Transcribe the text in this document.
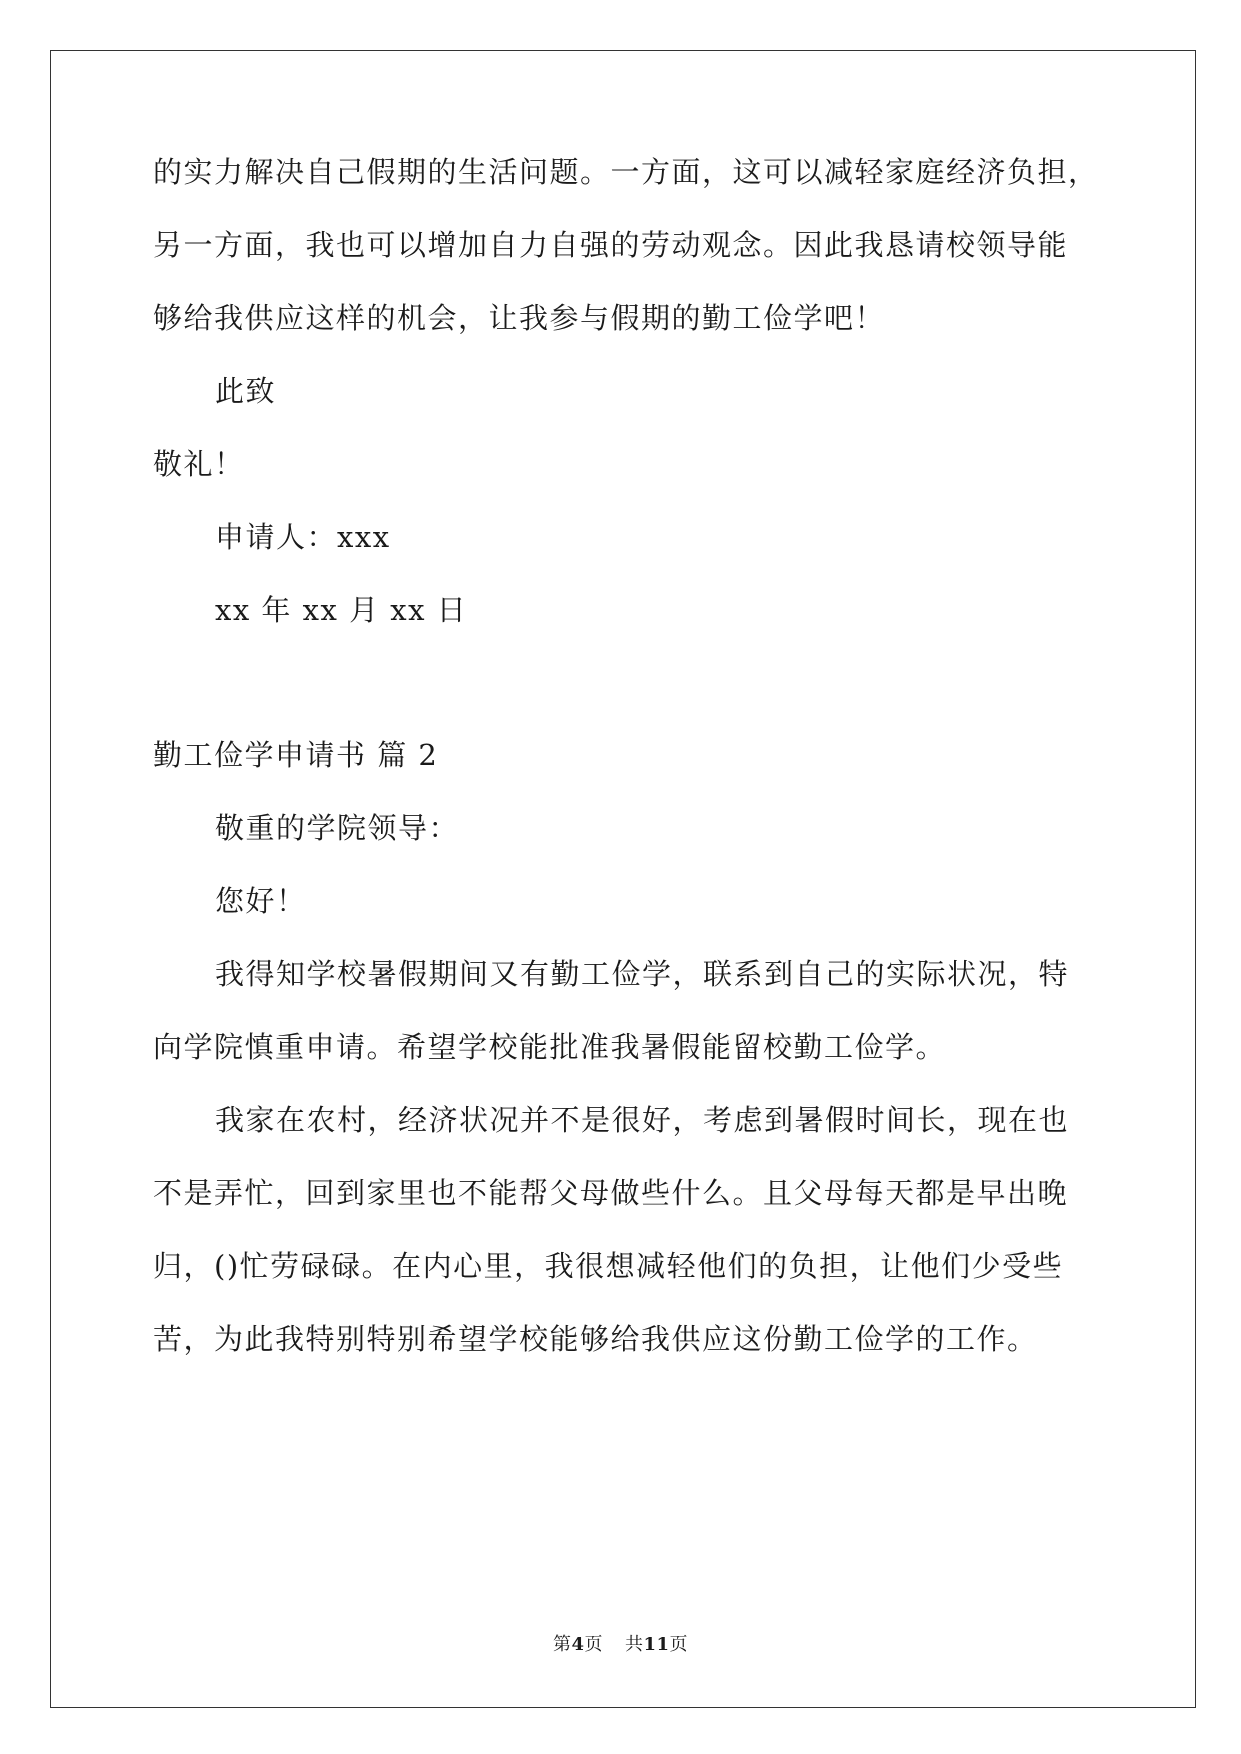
的实力解决自己假期的生活问题。一方面，这可以减轻家庭经济负担，
另一方面，我也可以增加自力自强的劳动观念。因此我恳请校领导能
够给我供应这样的机会，让我参与假期的勤工俭学吧！
此致
敬礼！
申请人：xxx
xx 年 xx 月 xx 日
勤工俭学申请书 篇 2
敬重的学院领导：
您好！
我得知学校暑假期间又有勤工俭学，联系到自己的实际状况，特
向学院慎重申请。希望学校能批准我暑假能留校勤工俭学。
我家在农村，经济状况并不是很好，考虑到暑假时间长，现在也
不是弄忙，回到家里也不能帮父母做些什么。且父母每天都是早出晚
归，()忙劳碌碌。在内心里，我很想减轻他们的负担，让他们少受些
苦，为此我特别特别希望学校能够给我供应这份勤工俭学的工作。
第4页 共11页
